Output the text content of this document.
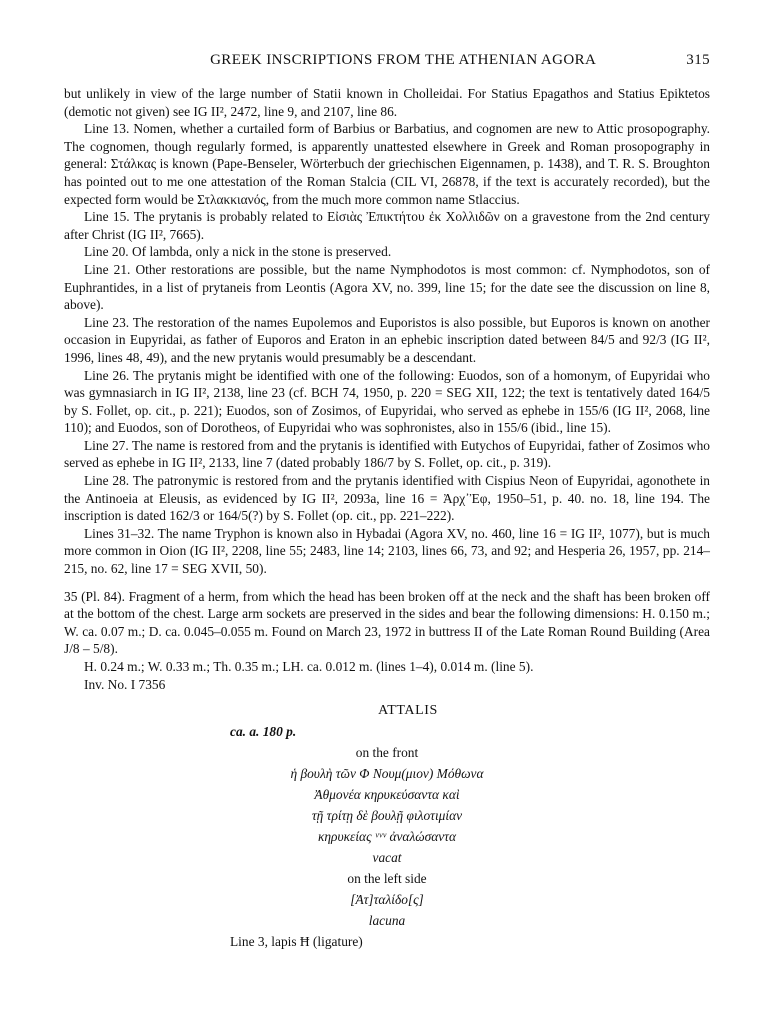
GREEK INSCRIPTIONS FROM THE ATHENIAN AGORA	315

but unlikely in view of the large number of Statii known in Cholleidai. For Statius Epagathos and Statius Epiktetos (demotic not given) see IG II², 2472, line 9, and 2107, line 86.

Line 13. Nomen, whether a curtailed form of Barbius or Barbatius, and cognomen are new to Attic prosopography. The cognomen, though regularly formed, is apparently unattested elsewhere in Greek and Roman prosopography in general: Στάλκας is known (Pape-Benseler, Wörterbuch der griechischen Eigennamen, p. 1438), and T. R. S. Broughton has pointed out to me one attestation of the Roman Stalcia (CIL VI, 26878, if the text is accurately recorded), but the expected form would be Στλακκιανός, from the much more common name Stlaccius.

Line 15. The prytanis is probably related to Εἰσιὰς Ἐπικτήτου ἐκ Χολλιδῶν on a gravestone from the 2nd century after Christ (IG II², 7665).

Line 20. Of lambda, only a nick in the stone is preserved.

Line 21. Other restorations are possible, but the name Nymphodotos is most common: cf. Nymphodotos, son of Euphrantides, in a list of prytaneis from Leontis (Agora XV, no. 399, line 15; for the date see the discussion on line 8, above).

Line 23. The restoration of the names Eupolemos and Euporistos is also possible, but Euporos is known on another occasion in Eupyridai, as father of Euporos and Eraton in an ephebic inscription dated between 84/5 and 92/3 (IG II², 1996, lines 48, 49), and the new prytanis would presumably be a descendant.

Line 26. The prytanis might be identified with one of the following: Euodos, son of a homonym, of Eupyridai who was gymnasiarch in IG II², 2138, line 23 (cf. BCH 74, 1950, p. 220 = SEG XII, 122; the text is tentatively dated 164/5 by S. Follet, op. cit., p. 221); Euodos, son of Zosimos, of Eupyridai, who served as ephebe in 155/6 (IG II², 2068, line 110); and Euodos, son of Dorotheos, of Eupyridai who was sophronistes, also in 155/6 (ibid., line 15).

Line 27. The name is restored from and the prytanis is identified with Eutychos of Eupyridai, father of Zosimos who served as ephebe in IG II², 2133, line 7 (dated probably 186/7 by S. Follet, op. cit., p. 319).

Line 28. The patronymic is restored from and the prytanis identified with Cispius Neon of Eupyridai, agonothete in the Antinoeia at Eleusis, as evidenced by IG II², 2093a, line 16 = Ἀρχ᾽Ἐφ, 1950–51, p. 40. no. 18, line 194. The inscription is dated 162/3 or 164/5(?) by S. Follet (op. cit., pp. 221–222).

Lines 31–32. The name Tryphon is known also in Hybadai (Agora XV, no. 460, line 16 = IG II², 1077), but is much more common in Oion (IG II², 2208, line 55; 2483, line 14; 2103, lines 66, 73, and 92; and Hesperia 26, 1957, pp. 214–215, no. 62, line 17 = SEG XVII, 50).

35 (Pl. 84). Fragment of a herm, from which the head has been broken off at the neck and the shaft has been broken off at the bottom of the chest. Large arm sockets are preserved in the sides and bear the following dimensions: H. 0.150 m.; W. ca. 0.07 m.; D. ca. 0.045–0.055 m. Found on March 23, 1972 in buttress II of the Late Roman Round Building (Area J/8 – 5/8).

H. 0.24 m.; W. 0.33 m.; Th. 0.35 m.; LH. ca. 0.012 m. (lines 1–4), 0.014 m. (line 5).

Inv. No. I 7356

ATTALIS
ca. a. 180 p.
on the front
ἡ βουλὴ τῶν Φ Νουμ(μιον) Μόθωνα
Ἀθμονέα κηρυκεύσαντα καὶ
τῇ τρίτῃ δὲ βουλῇ φιλοτιμίαν
κηρυκείας ᵛᵛᵛ ἀναλώσαντα
vacat
on the left side
[Ἀτ]ταλίδο[ς]
lacuna
Line 3, lapis Ħ (ligature)
